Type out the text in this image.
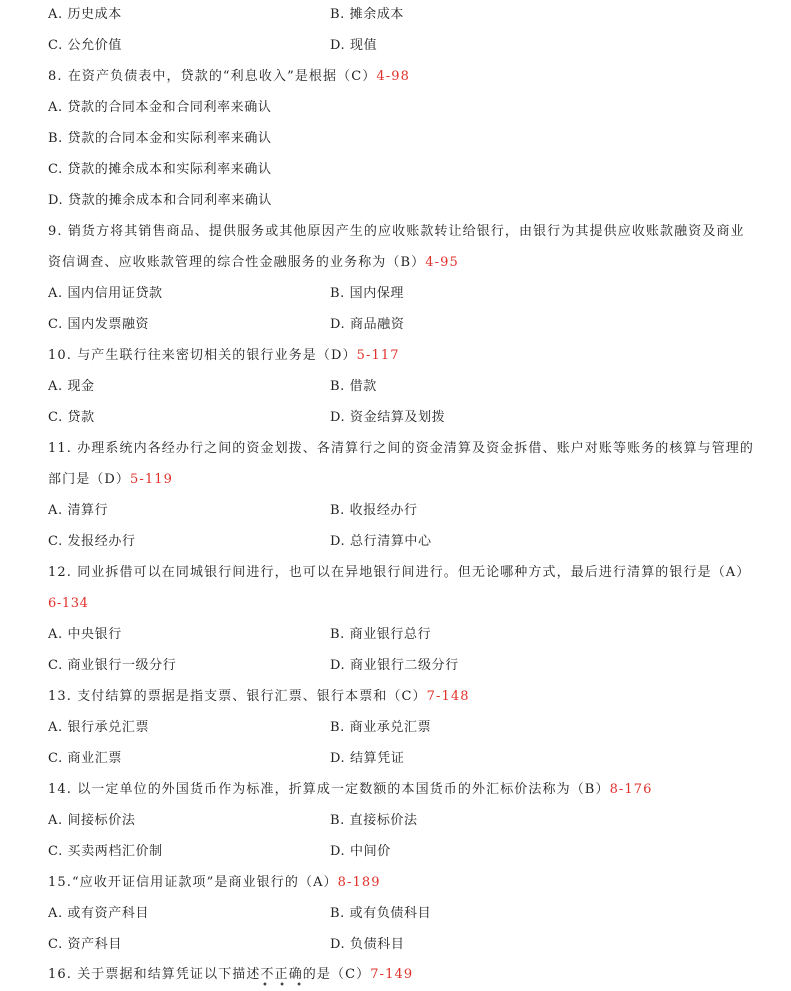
A. 历史成本	B. 摊余成本
C. 公允价值	D. 现值
8. 在资产负债表中，贷款的“利息收入”是根据（C）4-98
A. 贷款的合同本金和合同利率来确认
B. 贷款的合同本金和实际利率来确认
C. 贷款的摊余成本和实际利率来确认
D. 贷款的摊余成本和合同利率来确认
9. 销货方将其销售商品、提供服务或其他原因产生的应收账款转让给银行，由银行为其提供应收账款融资及商业
资信调查、应收账款管理的综合性金融服务的业务称为（B）4-95
A. 国内信用证贷款	B. 国内保理
C. 国内发票融资	D. 商品融资
10. 与产生联行往来密切相关的银行业务是（D）5-117
A. 现金	B. 借款
C. 贷款	D. 资金结算及划拨
11. 办理系统内各经办行之间的资金划拨、各清算行之间的资金清算及资金拆借、账户对账等账务的核算与管理的
部门是（D）5-119
A. 清算行	B. 收报经办行
C. 发报经办行	D. 总行清算中心
12. 同业拆借可以在同城银行间进行，也可以在异地银行间进行。但无论哪种方式，最后进行清算的银行是（A）
6-134
A. 中央银行	B. 商业银行总行
C. 商业银行一级分行	D. 商业银行二级分行
13. 支付结算的票据是指支票、银行汇票、银行本票和（C）7-148
A. 银行承兑汇票	B. 商业承兑汇票
C. 商业汇票	D. 结算凭证
14. 以一定单位的外国货币作为标准，折算成一定数额的本国货币的外汇标价法称为（B）8-176
A. 间接标价法	B. 直接标价法
C. 买卖两档汇价制	D. 中间价
15.“应收开证信用证款项”是商业银行的（A）8-189
A. 或有资产科目	B. 或有负债科目
C. 资产科目	D. 负债科目
16. 关于票据和结算凭证以下描述不正确的是（C）7-149
• • •
